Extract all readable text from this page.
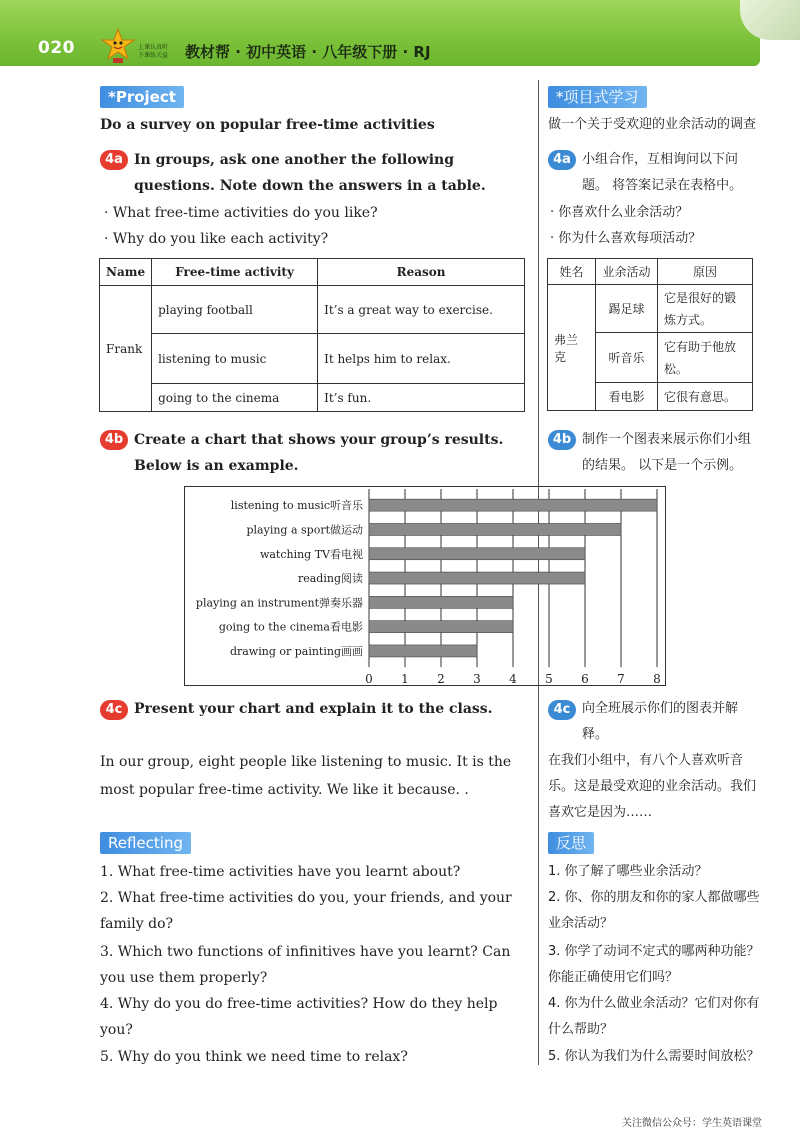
020	上课认真听 下课练关益	教材帮 · 初中英语 · 八年级下册 · RJ
*Project
Do a survey on popular free-time activities
4a In groups, ask one another the following questions. Note down the answers in a table.
· What free-time activities do you like?
· Why do you like each activity?
Name	Free-time activity	Reason
Frank	playing football	It’s a great way to exercise.
	listening to music	It helps him to relax.
	going to the cinema	It’s fun.
4b Create a chart that shows your group’s results. Below is an example.
listening to music听音乐
playing a sport做运动
watching TV看电视
reading阅读
playing an instrument弹奏乐器
going to the cinema看电影
drawing or painting画画
0 1 2 3 4 5 6 7 8
4c Present your chart and explain it to the class.
In our group, eight people like listening to music. It is the most popular free-time activity. We like it because. .
Reflecting
1. What free-time activities have you learnt about?
2. What free-time activities do you, your friends, and your family do?
3. Which two functions of infinitives have you learnt? Can you use them properly?
4. Why do you do free-time activities? How do they help you?
5. Why do you think we need time to relax?
*项目式学习
做一个关于受欢迎的业余活动的调查
4a 小组合作，互相询问以下问题。 将答案记录在表格中。
· 你喜欢什么业余活动？
· 你为什么喜欢每项活动？
姓名	业余活动	原因
弗兰克	踢足球	它是很好的锻炼方式。
	听音乐	它有助于他放松。
	看电影	它很有意思。
4b 制作一个图表来展示你们小组的结果。 以下是一个示例。
4c 向全班展示你们的图表并解释。
在我们小组中，有八个人喜欢听音乐。这是最受欢迎的业余活动。我们喜欢它是因为……
反思
1. 你了解了哪些业余活动？
2. 你、你的朋友和你的家人都做哪些业余活动？
3. 你学了动词不定式的哪两种功能？你能正确使用它们吗？
4. 你为什么做业余活动？它们对你有什么帮助？
5. 你认为我们为什么需要时间放松？
关注微信公众号：学生英语课堂
